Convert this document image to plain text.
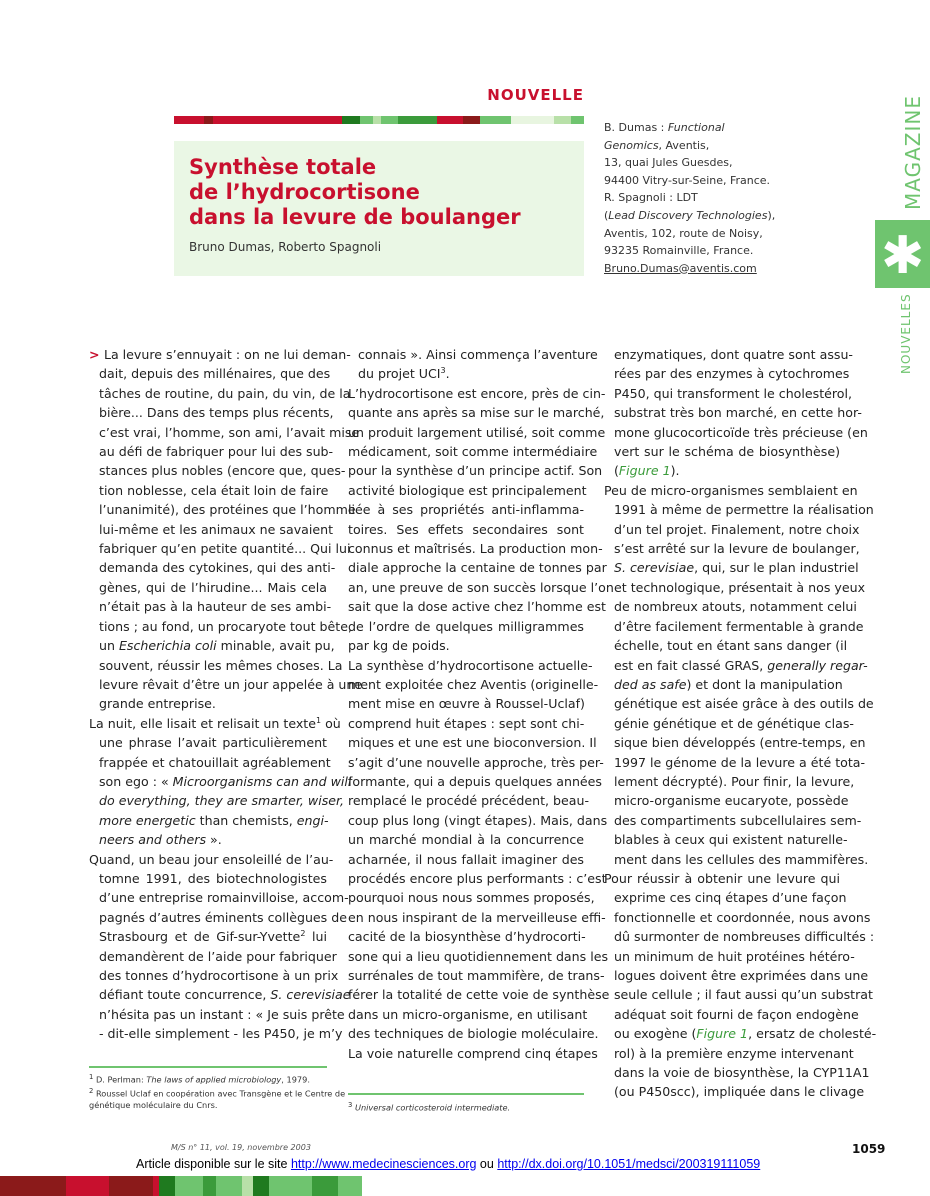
NOUVELLE
Synthèse totale
de l’hydrocortisone
dans la levure de boulanger
Bruno Dumas, Roberto Spagnoli
B. Dumas : Functional
Genomics, Aventis,
13, quai Jules Guesdes,
94400 Vitry-sur-Seine, France.
R. Spagnoli : LDT
(Lead Discovery Technologies),
Aventis, 102, route de Noisy,
93235 Romainville, France.
Bruno.Dumas@aventis.com
MAGAZINE
✱
NOUVELLES
> La levure s’ennuyait : on ne lui deman-
dait, depuis des millénaires, que des
tâches de routine, du pain, du vin, de la
bière... Dans des temps plus récents,
c’est vrai, l’homme, son ami, l’avait mise
au défi de fabriquer pour lui des sub-
stances plus nobles (encore que, ques-
tion noblesse, cela était loin de faire
l’unanimité), des protéines que l’homme
lui-même et les animaux ne savaient
fabriquer qu’en petite quantité... Qui lui
demanda des cytokines, qui des anti-
gènes, qui de l’hirudine... Mais cela
n’était pas à la hauteur de ses ambi-
tions ; au fond, un procaryote tout bête,
un Escherichia coli minable, avait pu,
souvent, réussir les mêmes choses. La
levure rêvait d’être un jour appelée à une
grande entreprise.
La nuit, elle lisait et relisait un texte$^1$ où
une phrase l’avait particulièrement
frappée et chatouillait agréablement
son ego : « Microorganisms can and will
do everything, they are smarter, wiser,
more energetic than chemists, engi-
neers and others ».
Quand, un beau jour ensoleillé de l’au-
tomne 1991, des biotechnologistes
d’une entreprise romainvilloise, accom-
pagnés d’autres éminents collègues de
Strasbourg et de Gif-sur-Yvette$^2$ lui
demandèrent de l’aide pour fabriquer
des tonnes d’hydrocortisone à un prix
défiant toute concurrence, S. cerevisiae
n’hésita pas un instant : « Je suis prête
- dit-elle simplement - les P450, je m’y
connais ». Ainsi commença l’aventure
du projet UCI$^3$.
L’hydrocortisone est encore, près de cin-
quante ans après sa mise sur le marché,
un produit largement utilisé, soit comme
médicament, soit comme intermédiaire
pour la synthèse d’un principe actif. Son
activité biologique est principalement
liée à ses propriétés anti-inflamma-
toires. Ses effets secondaires sont
connus et maîtrisés. La production mon-
diale approche la centaine de tonnes par
an, une preuve de son succès lorsque l’on
sait que la dose active chez l’homme est
de l’ordre de quelques milligrammes
par kg de poids.
La synthèse d’hydrocortisone actuelle-
ment exploitée chez Aventis (originelle-
ment mise en œuvre à Roussel-Uclaf)
comprend huit étapes : sept sont chi-
miques et une est une bioconversion. Il
s’agit d’une nouvelle approche, très per-
formante, qui a depuis quelques années
remplacé le procédé précédent, beau-
coup plus long (vingt étapes). Mais, dans
un marché mondial à la concurrence
acharnée, il nous fallait imaginer des
procédés encore plus performants : c’est
pourquoi nous nous sommes proposés,
en nous inspirant de la merveilleuse effi-
cacité de la biosynthèse d’hydrocorti-
sone qui a lieu quotidiennement dans les
surrénales de tout mammifère, de trans-
férer la totalité de cette voie de synthèse
dans un micro-organisme, en utilisant
des techniques de biologie moléculaire.
La voie naturelle comprend cinq étapes
enzymatiques, dont quatre sont assu-
rées par des enzymes à cytochromes
P450, qui transforment le cholestérol,
substrat très bon marché, en cette hor-
mone glucocorticoïde très précieuse (en
vert sur le schéma de biosynthèse)
(Figure 1).
Peu de micro-organismes semblaient en
1991 à même de permettre la réalisation
d’un tel projet. Finalement, notre choix
s’est arrêté sur la levure de boulanger,
S. cerevisiae, qui, sur le plan industriel
et technologique, présentait à nos yeux
de nombreux atouts, notamment celui
d’être facilement fermentable à grande
échelle, tout en étant sans danger (il
est en fait classé GRAS, generally regar-
ded as safe) et dont la manipulation
génétique est aisée grâce à des outils de
génie génétique et de génétique clas-
sique bien développés (entre-temps, en
1997 le génome de la levure a été tota-
lement décrypté). Pour finir, la levure,
micro-organisme eucaryote, possède
des compartiments subcellulaires sem-
blables à ceux qui existent naturelle-
ment dans les cellules des mammifères.
Pour réussir à obtenir une levure qui
exprime ces cinq étapes d’une façon
fonctionnelle et coordonnée, nous avons
dû surmonter de nombreuses difficultés :
un minimum de huit protéines hétéro-
logues doivent être exprimées dans une
seule cellule ; il faut aussi qu’un substrat
adéquat soit fourni de façon endogène
ou exogène (Figure 1, ersatz de cholesté-
rol) à la première enzyme intervenant
dans la voie de biosynthèse, la CYP11A1
(ou P450scc), impliquée dans le clivage
$^1$ D. Perlman: The laws of applied microbiology, 1979.
$^2$ Roussel Uclaf en coopération avec Transgène et le Centre de
génétique moléculaire du Cnrs.	$^3$ Universal corticosteroid intermediate.
M/S n° 11, vol. 19, novembre 2003	1059
Article disponible sur le site http://www.medecinesciences.org ou http://dx.doi.org/10.1051/medsci/200319111059
